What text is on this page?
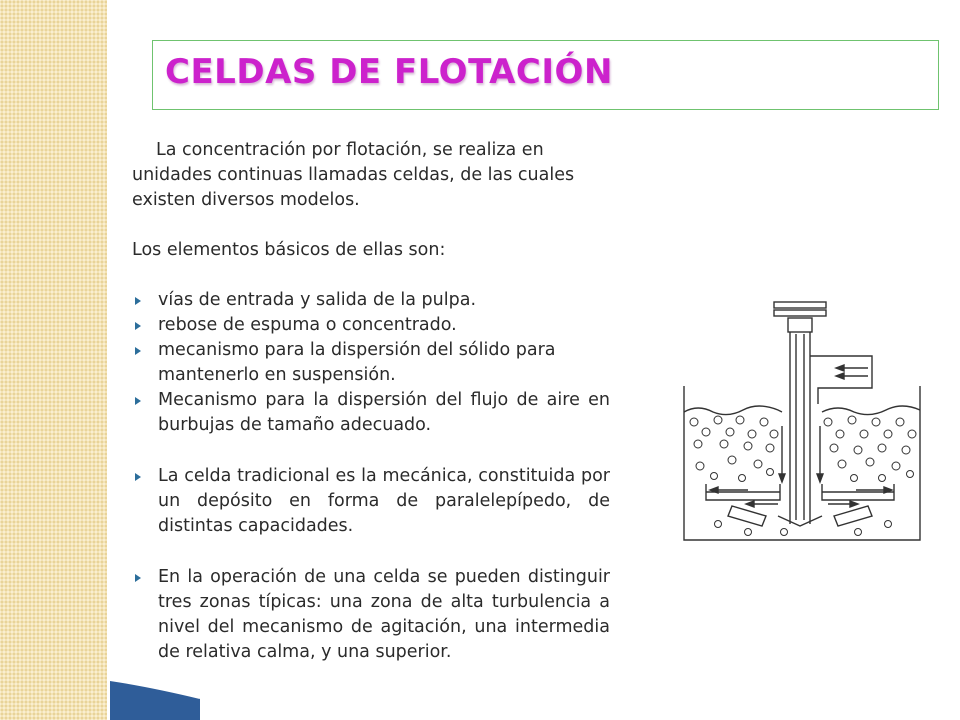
CELDAS DE FLOTACIÓN

La concentración por flotación, se realiza en unidades continuas llamadas celdas, de las cuales existen diversos modelos.

Los elementos básicos de ellas son:

vías de entrada y salida de la pulpa.
rebose de espuma o concentrado.
mecanismo para la dispersión del sólido para mantenerlo en suspensión.
Mecanismo para la dispersión del flujo de aire en burbujas de tamaño adecuado.
La celda tradicional es la mecánica, constituida por un depósito en forma de paralelepípedo, de distintas capacidades.
En la operación de una celda se pueden distinguir tres zonas típicas: una zona de alta turbulencia a nivel del mecanismo de agitación, una intermedia de relativa calma, y una superior.
